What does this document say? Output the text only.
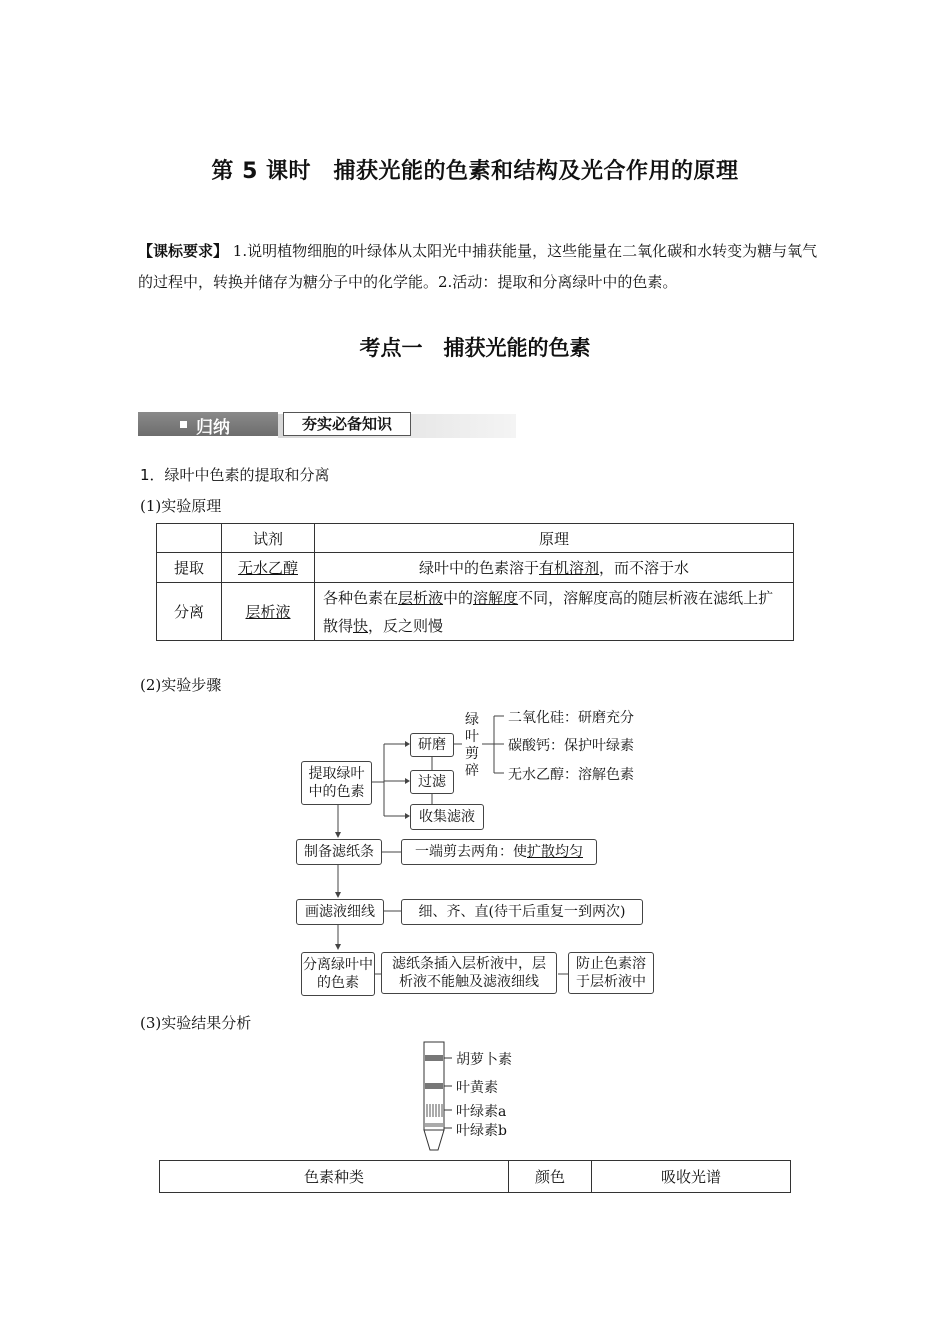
第 5 课时　捕获光能的色素和结构及光合作用的原理
【课标要求】 1.说明植物细胞的叶绿体从太阳光中捕获能量，这些能量在二氧化碳和水转变为糖与氧气的过程中，转换并储存为糖分子中的化学能。2.活动：提取和分离绿叶中的色素。
考点一　捕获光能的色素
归纳	夯实必备知识
1．绿叶中色素的提取和分离
(1)实验原理
	试剂	原理
提取	无水乙醇	绿叶中的色素溶于有机溶剂，而不溶于水
分离	层析液	各种色素在层析液中的溶解度不同，溶解度高的随层析液在滤纸上扩散得快，反之则慢
(2)实验步骤
提取绿叶中的色素
研磨
过滤
收集滤液
绿叶剪碎
二氧化硅：研磨充分
碳酸钙：保护叶绿素
无水乙醇：溶解色素
制备滤纸条	一端剪去两角：使 扩散均匀
画滤液细线	细、齐、直(待干后重复一到两次)
分离绿叶中的色素
滤纸条插入层析液中，层析液不能触及滤液细线
防止色素溶于层析液中
(3)实验结果分析
胡萝卜素
叶黄素
叶绿素a
叶绿素b
色素种类	颜色	吸收光谱
